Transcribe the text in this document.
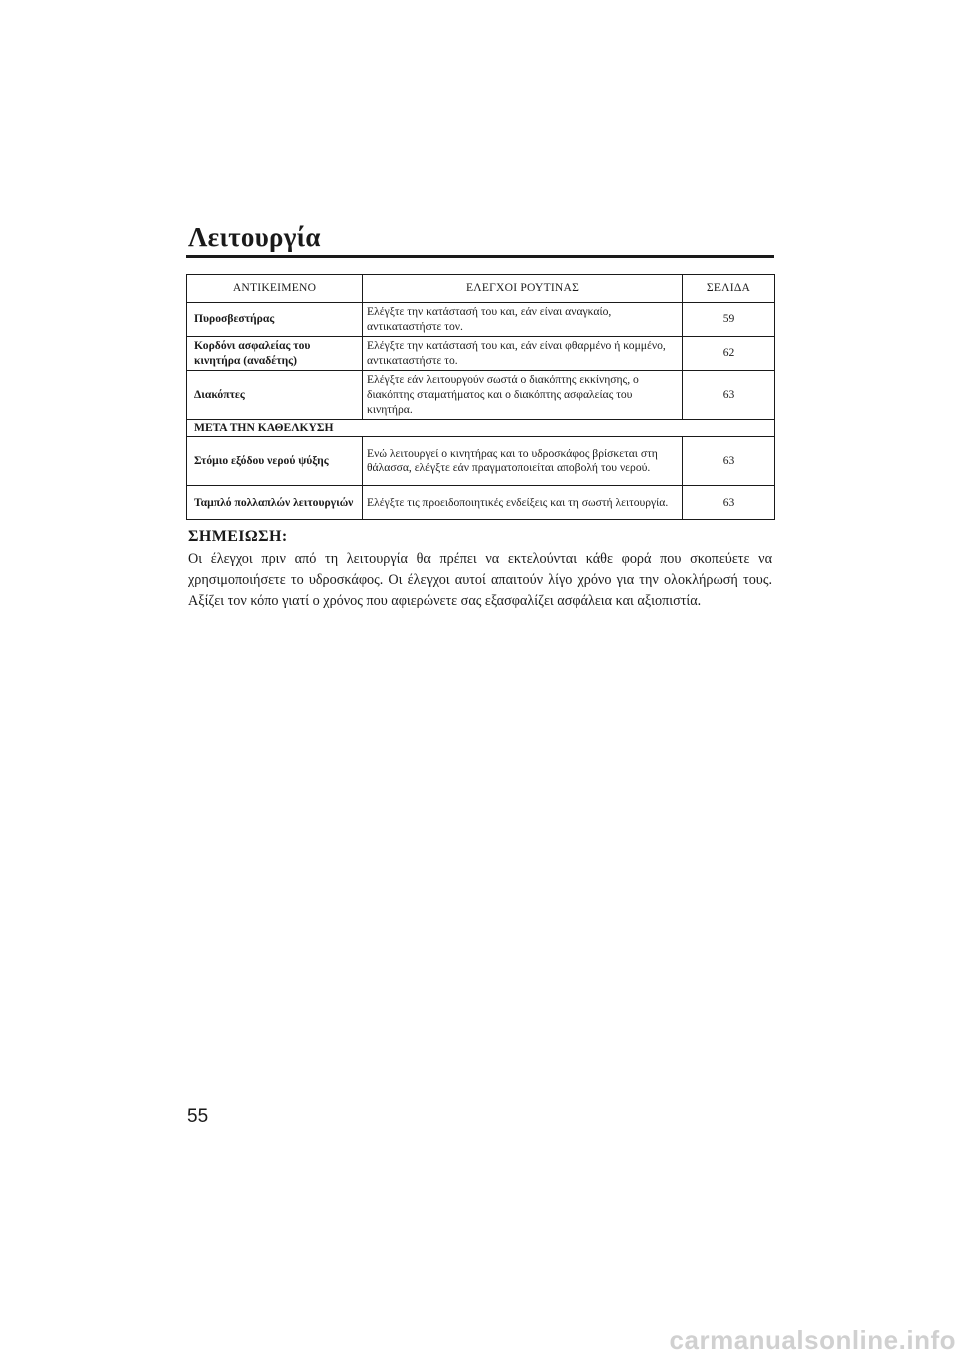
Λειτουργία
ΑΝΤΙΚΕΙΜΕΝΟ	ΕΛΕΓΧΟΙ ΡΟΥΤΙΝΑΣ	ΣΕΛΙΔΑ
Πυροσβεστήρας	Ελέγξτε την κατάστασή του και, εάν είναι αναγκαίο, αντικαταστήστε τον.	59
Κορδόνι ασφαλείας του κινητήρα (αναδέτης)	Ελέγξτε την κατάστασή του και, εάν είναι φθαρμένο ή κομμένο, αντικαταστήστε το.	62
Διακόπτες	Ελέγξτε εάν λειτουργούν σωστά ο διακόπτης εκκίνησης, ο διακόπτης σταματήματος και ο διακόπτης ασφαλείας του κινητήρα.	63
ΜΕΤΑ ΤΗΝ ΚΑΘΕΛΚΥΣΗ		
Στόμιο εξόδου νερού ψύξης	Ενώ λειτουργεί ο κινητήρας και το υδροσκάφος βρίσκεται στη θάλασσα, ελέγξτε εάν πραγματοποιείται αποβολή του νερού.	63
Ταμπλό πολλαπλών λειτουργιών	Ελέγξτε τις προειδοποιητικές ενδείξεις και τη σωστή λειτουργία.	63
ΣΗΜΕΙΩΣΗ:
Οι έλεγχοι πριν από τη λειτουργία θα πρέπει να εκτελούνται κάθε φορά που σκοπεύετε να χρησιμοποιήσετε το υδροσκάφος. Οι έλεγχοι αυτοί απαιτούν λίγο χρόνο για την ολοκλήρωσή τους. Αξίζει τον κόπο γιατί ο χρόνος που αφιερώνετε σας εξασφαλίζει ασφάλεια και αξιοπιστία.
55
carmanualsonline.info
